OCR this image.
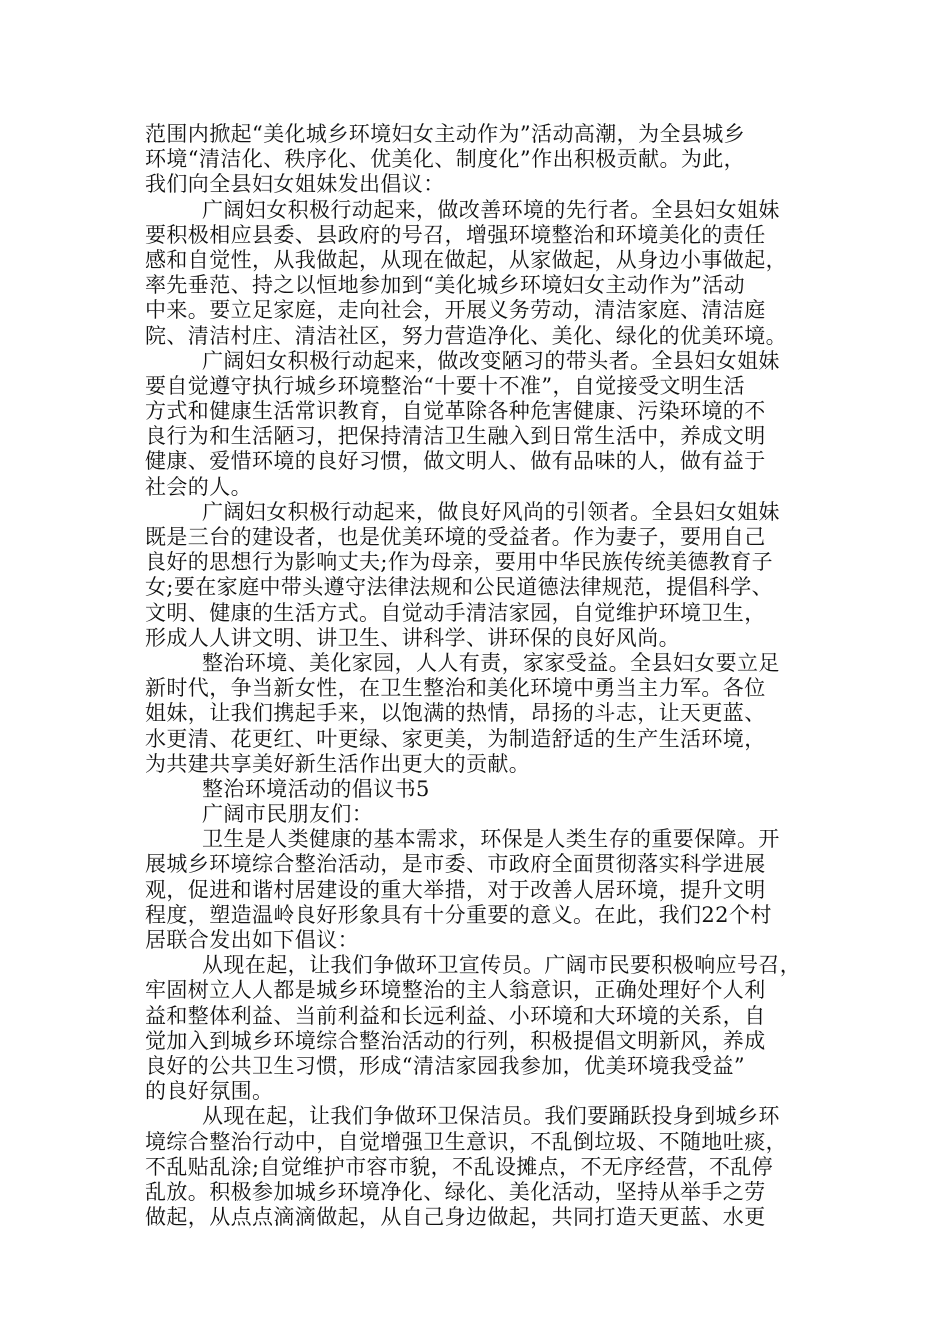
范围内掀起“美化城乡环境妇女主动作为”活动高潮，为全县城乡
环境“清洁化、秩序化、优美化、制度化”作出积极贡献。为此，
我们向全县妇女姐妹发出倡议：
广阔妇女积极行动起来，做改善环境的先行者。全县妇女姐妹
要积极相应县委、县政府的号召，增强环境整治和环境美化的责任
感和自觉性，从我做起，从现在做起，从家做起，从身边小事做起，
率先垂范、持之以恒地参加到“美化城乡环境妇女主动作为”活动
中来。要立足家庭，走向社会，开展义务劳动，清洁家庭、清洁庭
院、清洁村庄、清洁社区，努力营造净化、美化、绿化的优美环境。
广阔妇女积极行动起来，做改变陋习的带头者。全县妇女姐妹
要自觉遵守执行城乡环境整治“十要十不准”，自觉接受文明生活
方式和健康生活常识教育，自觉革除各种危害健康、污染环境的不
良行为和生活陋习，把保持清洁卫生融入到日常生活中，养成文明
健康、爱惜环境的良好习惯，做文明人、做有品味的人，做有益于
社会的人。
广阔妇女积极行动起来，做良好风尚的引领者。全县妇女姐妹
既是三台的建设者，也是优美环境的受益者。作为妻子，要用自己
良好的思想行为影响丈夫;作为母亲，要用中华民族传统美德教育子
女;要在家庭中带头遵守法律法规和公民道德法律规范，提倡科学、
文明、健康的生活方式。自觉动手清洁家园，自觉维护环境卫生，
形成人人讲文明、讲卫生、讲科学、讲环保的良好风尚。
整治环境、美化家园，人人有责，家家受益。全县妇女要立足
新时代，争当新女性，在卫生整治和美化环境中勇当主力军。各位
姐妹，让我们携起手来，以饱满的热情，昂扬的斗志，让天更蓝、
水更清、花更红、叶更绿、家更美，为制造舒适的生产生活环境，
为共建共享美好新生活作出更大的贡献。
整治环境活动的倡议书5
广阔市民朋友们：
卫生是人类健康的基本需求，环保是人类生存的重要保障。开
展城乡环境综合整治活动，是市委、市政府全面贯彻落实科学进展
观，促进和谐村居建设的重大举措，对于改善人居环境，提升文明
程度，塑造温岭良好形象具有十分重要的意义。在此，我们22个村
居联合发出如下倡议：
从现在起，让我们争做环卫宣传员。广阔市民要积极响应号召，
牢固树立人人都是城乡环境整治的主人翁意识，正确处理好个人利
益和整体利益、当前利益和长远利益、小环境和大环境的关系，自
觉加入到城乡环境综合整治活动的行列，积极提倡文明新风，养成
良好的公共卫生习惯，形成“清洁家园我参加，优美环境我受益”
的良好氛围。
从现在起，让我们争做环卫保洁员。我们要踊跃投身到城乡环
境综合整治行动中，自觉增强卫生意识，不乱倒垃圾、不随地吐痰，
不乱贴乱涂;自觉维护市容市貌，不乱设摊点，不无序经营，不乱停
乱放。积极参加城乡环境净化、绿化、美化活动，坚持从举手之劳
做起，从点点滴滴做起，从自己身边做起，共同打造天更蓝、水更
